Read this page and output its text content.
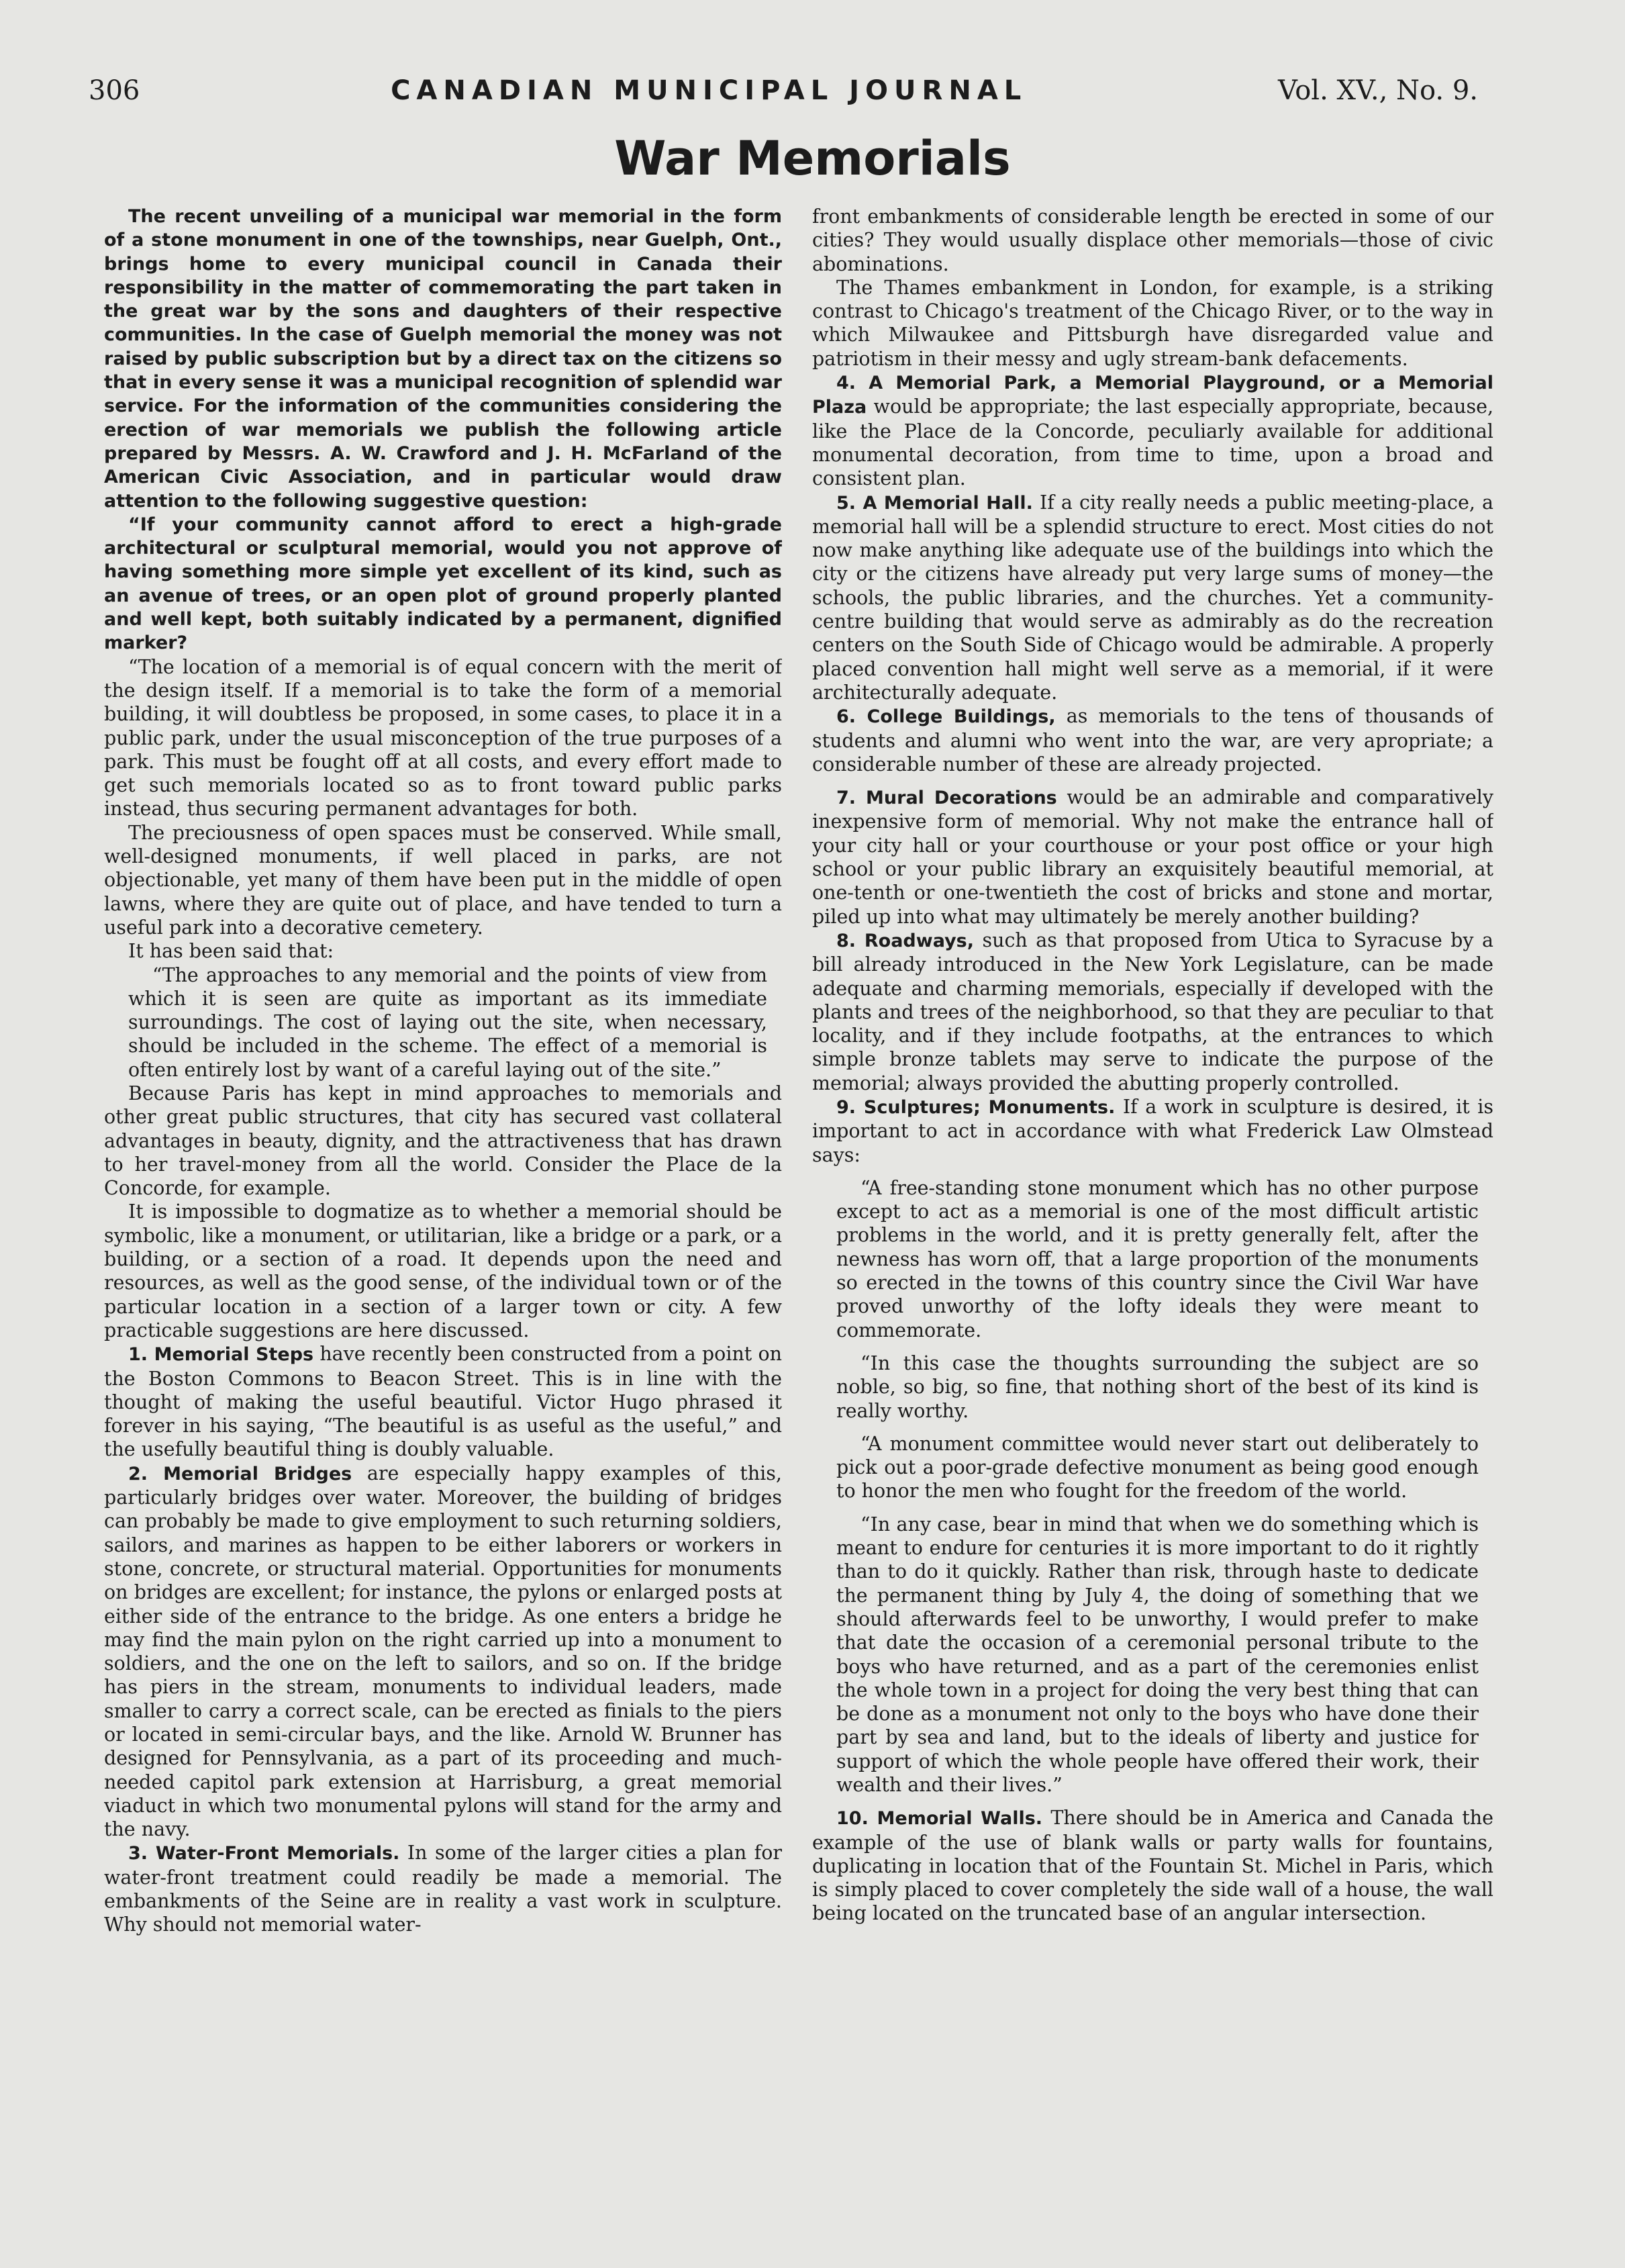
306	CANADIAN MUNICIPAL JOURNAL	Vol. XV., No. 9.
War Memorials

The recent unveiling of a municipal war memorial in the form of a stone monument in one of the townships, near Guelph, Ont., brings home to every municipal council in Canada their responsibility in the matter of commemorating the part taken in the great war by the sons and daughters of their respective communities. In the case of Guelph memorial the money was not raised by public subscription but by a direct tax on the citizens so that in every sense it was a municipal recognition of splendid war service. For the information of the communities considering the erection of war memorials we publish the following article prepared by Messrs. A. W. Crawford and J. H. McFarland of the American Civic Association, and in particular would draw attention to the following suggestive question:

“If your community cannot afford to erect a high-grade architectural or sculptural memorial, would you not approve of having something more simple yet excellent of its kind, such as an avenue of trees, or an open plot of ground properly planted and well kept, both suitably indicated by a permanent, dignified marker?

“The location of a memorial is of equal concern with the merit of the design itself. If a memorial is to take the form of a memorial building, it will doubtless be proposed, in some cases, to place it in a public park, under the usual misconception of the true purposes of a park. This must be fought off at all costs, and every effort made to get such memorials located so as to front toward public parks instead, thus securing permanent advantages for both.

The preciousness of open spaces must be conserved. While small, well-designed monuments, if well placed in parks, are not objectionable, yet many of them have been put in the middle of open lawns, where they are quite out of place, and have tended to turn a useful park into a decorative cemetery.

It has been said that:

“The approaches to any memorial and the points of view from which it is seen are quite as important as its immediate surroundings. The cost of laying out the site, when necessary, should be included in the scheme. The effect of a memorial is often entirely lost by want of a careful laying out of the site.”

Because Paris has kept in mind approaches to memorials and other great public structures, that city has secured vast collateral advantages in beauty, dignity, and the attractiveness that has drawn to her travel-money from all the world. Consider the Place de la Concorde, for example.

It is impossible to dogmatize as to whether a memorial should be symbolic, like a monument, or utilitarian, like a bridge or a park, or a building, or a section of a road. It depends upon the need and resources, as well as the good sense, of the individual town or of the particular location in a section of a larger town or city. A few practicable suggestions are here discussed.

1. Memorial Steps have recently been constructed from a point on the Boston Commons to Beacon Street. This is in line with the thought of making the useful beautiful. Victor Hugo phrased it forever in his saying, “The beautiful is as useful as the useful,” and the usefully beautiful thing is doubly valuable.

2. Memorial Bridges are especially happy examples of this, particularly bridges over water. Moreover, the building of bridges can probably be made to give employment to such returning soldiers, sailors, and marines as happen to be either laborers or workers in stone, concrete, or structural material. Opportunities for monuments on bridges are excellent; for instance, the pylons or enlarged posts at either side of the entrance to the bridge. As one enters a bridge he may find the main pylon on the right carried up into a monument to soldiers, and the one on the left to sailors, and so on. If the bridge has piers in the stream, monuments to individual leaders, made smaller to carry a correct scale, can be erected as finials to the piers or located in semi-circular bays, and the like. Arnold W. Brunner has designed for Pennsylvania, as a part of its proceeding and much-needed capitol park extension at Harrisburg, a great memorial viaduct in which two monumental pylons will stand for the army and the navy.

3. Water-Front Memorials. In some of the larger cities a plan for water-front treatment could readily be made a memorial. The embankments of the Seine are in reality a vast work in sculpture. Why should not memorial water-

front embankments of considerable length be erected in some of our cities? They would usually displace other memorials—those of civic abominations.

The Thames embankment in London, for example, is a striking contrast to Chicago's treatment of the Chicago River, or to the way in which Milwaukee and Pittsburgh have disregarded value and patriotism in their messy and ugly stream-bank defacements.

4. A Memorial Park, a Memorial Playground, or a Memorial Plaza would be appropriate; the last especially appropriate, because, like the Place de la Concorde, peculiarly available for additional monumental decoration, from time to time, upon a broad and consistent plan.

5. A Memorial Hall. If a city really needs a public meeting-place, a memorial hall will be a splendid structure to erect. Most cities do not now make anything like adequate use of the buildings into which the city or the citizens have already put very large sums of money—the schools, the public libraries, and the churches. Yet a community-centre building that would serve as admirably as do the recreation centers on the South Side of Chicago would be admirable. A properly placed convention hall might well serve as a memorial, if it were architecturally adequate.

6. College Buildings, as memorials to the tens of thousands of students and alumni who went into the war, are very apropriate; a considerable number of these are already projected.

7. Mural Decorations would be an admirable and comparatively inexpensive form of memorial. Why not make the entrance hall of your city hall or your courthouse or your post office or your high school or your public library an exquisitely beautiful memorial, at one-tenth or one-twentieth the cost of bricks and stone and mortar, piled up into what may ultimately be merely another building?

8. Roadways, such as that proposed from Utica to Syracuse by a bill already introduced in the New York Legislature, can be made adequate and charming memorials, especially if developed with the plants and trees of the neighborhood, so that they are peculiar to that locality, and if they include footpaths, at the entrances to which simple bronze tablets may serve to indicate the purpose of the memorial; always provided the abutting properly controlled.

9. Sculptures; Monuments. If a work in sculpture is desired, it is important to act in accordance with what Frederick Law Olmstead says:

“A free-standing stone monument which has no other purpose except to act as a memorial is one of the most difficult artistic problems in the world, and it is pretty generally felt, after the newness has worn off, that a large proportion of the monuments so erected in the towns of this country since the Civil War have proved unworthy of the lofty ideals they were meant to commemorate.

“In this case the thoughts surrounding the subject are so noble, so big, so fine, that nothing short of the best of its kind is really worthy.

“A monument committee would never start out deliberately to pick out a poor-grade defective monument as being good enough to honor the men who fought for the freedom of the world.

“In any case, bear in mind that when we do something which is meant to endure for centuries it is more important to do it rightly than to do it quickly. Rather than risk, through haste to dedicate the permanent thing by July 4, the doing of something that we should afterwards feel to be unworthy, I would prefer to make that date the occasion of a ceremonial personal tribute to the boys who have returned, and as a part of the ceremonies enlist the whole town in a project for doing the very best thing that can be done as a monument not only to the boys who have done their part by sea and land, but to the ideals of liberty and justice for support of which the whole people have offered their work, their wealth and their lives.”

10. Memorial Walls. There should be in America and Canada the example of the use of blank walls or party walls for fountains, duplicating in location that of the Fountain St. Michel in Paris, which is simply placed to cover completely the side wall of a house, the wall being located on the truncated base of an angular intersection.
